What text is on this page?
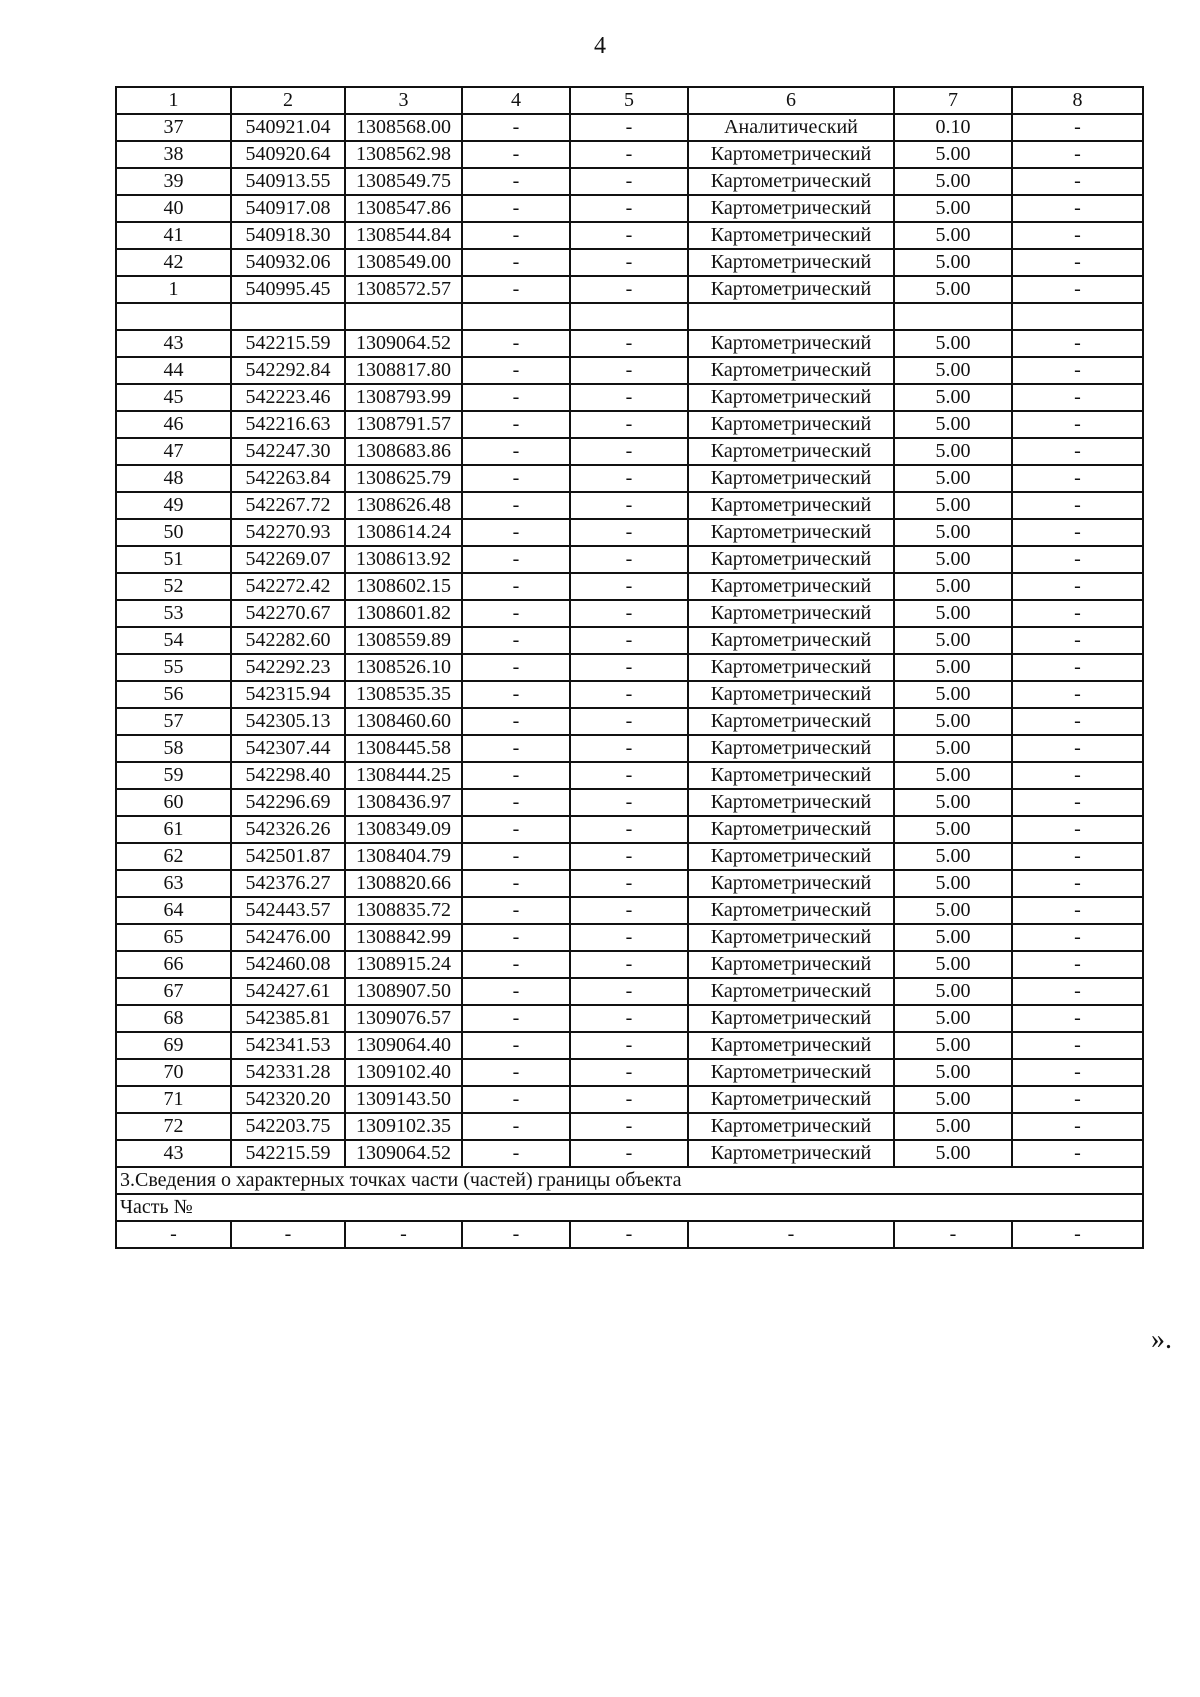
4
1	2	3	4	5	6	7	8
37	540921.04	1308568.00	-	-	Аналитический	0.10	-
38	540920.64	1308562.98	-	-	Картометрический	5.00	-
39	540913.55	1308549.75	-	-	Картометрический	5.00	-
40	540917.08	1308547.86	-	-	Картометрический	5.00	-
41	540918.30	1308544.84	-	-	Картометрический	5.00	-
42	540932.06	1308549.00	-	-	Картометрический	5.00	-
1	540995.45	1308572.57	-	-	Картометрический	5.00	-

43	542215.59	1309064.52	-	-	Картометрический	5.00	-
44	542292.84	1308817.80	-	-	Картометрический	5.00	-
45	542223.46	1308793.99	-	-	Картометрический	5.00	-
46	542216.63	1308791.57	-	-	Картометрический	5.00	-
47	542247.30	1308683.86	-	-	Картометрический	5.00	-
48	542263.84	1308625.79	-	-	Картометрический	5.00	-
49	542267.72	1308626.48	-	-	Картометрический	5.00	-
50	542270.93	1308614.24	-	-	Картометрический	5.00	-
51	542269.07	1308613.92	-	-	Картометрический	5.00	-
52	542272.42	1308602.15	-	-	Картометрический	5.00	-
53	542270.67	1308601.82	-	-	Картометрический	5.00	-
54	542282.60	1308559.89	-	-	Картометрический	5.00	-
55	542292.23	1308526.10	-	-	Картометрический	5.00	-
56	542315.94	1308535.35	-	-	Картометрический	5.00	-
57	542305.13	1308460.60	-	-	Картометрический	5.00	-
58	542307.44	1308445.58	-	-	Картометрический	5.00	-
59	542298.40	1308444.25	-	-	Картометрический	5.00	-
60	542296.69	1308436.97	-	-	Картометрический	5.00	-
61	542326.26	1308349.09	-	-	Картометрический	5.00	-
62	542501.87	1308404.79	-	-	Картометрический	5.00	-
63	542376.27	1308820.66	-	-	Картометрический	5.00	-
64	542443.57	1308835.72	-	-	Картометрический	5.00	-
65	542476.00	1308842.99	-	-	Картометрический	5.00	-
66	542460.08	1308915.24	-	-	Картометрический	5.00	-
67	542427.61	1308907.50	-	-	Картометрический	5.00	-
68	542385.81	1309076.57	-	-	Картометрический	5.00	-
69	542341.53	1309064.40	-	-	Картометрический	5.00	-
70	542331.28	1309102.40	-	-	Картометрический	5.00	-
71	542320.20	1309143.50	-	-	Картометрический	5.00	-
72	542203.75	1309102.35	-	-	Картометрический	5.00	-
43	542215.59	1309064.52	-	-	Картометрический	5.00	-
3.Сведения о характерных точках части (частей) границы объекта							
Часть №							
-	-	-	-	-	-	-	-
».
